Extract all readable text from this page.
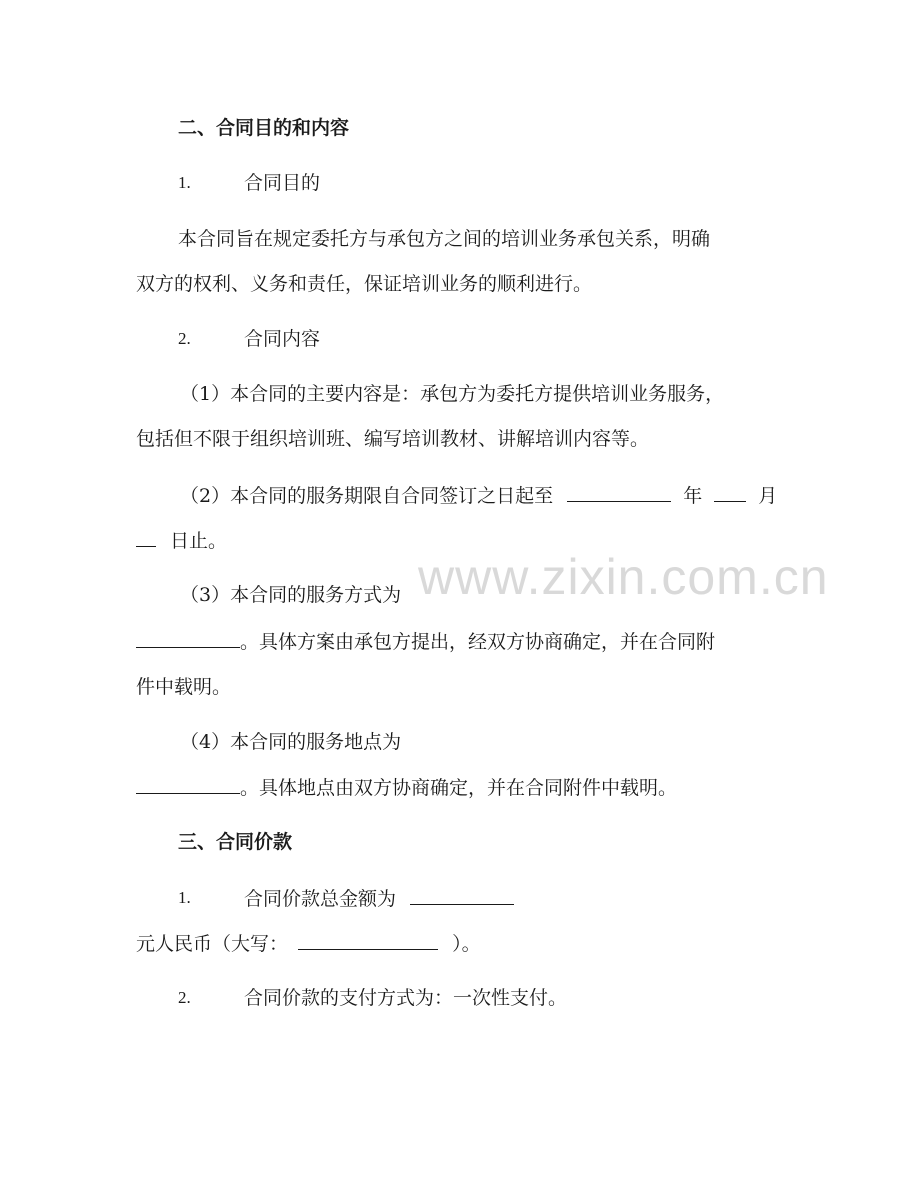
www.zixin.com.cn
二、合同目的和内容
1.	合同目的
本合同旨在规定委托方与承包方之间的培训业务承包关系，明确
双方的权利、义务和责任，保证培训业务的顺利进行。
2.	合同内容
（1）本合同的主要内容是：承包方为委托方提供培训业务服务，
包括但不限于组织培训班、编写培训教材、讲解培训内容等。
（2）本合同的服务期限自合同签订之日起至	年	月
日止。
（3）本合同的服务方式为
。具体方案由承包方提出，经双方协商确定，并在合同附
件中载明。
（4）本合同的服务地点为
。具体地点由双方协商确定，并在合同附件中载明。
三、合同价款
1.	合同价款总金额为
元人民币（大写：	）。
2.	合同价款的支付方式为：一次性支付。
